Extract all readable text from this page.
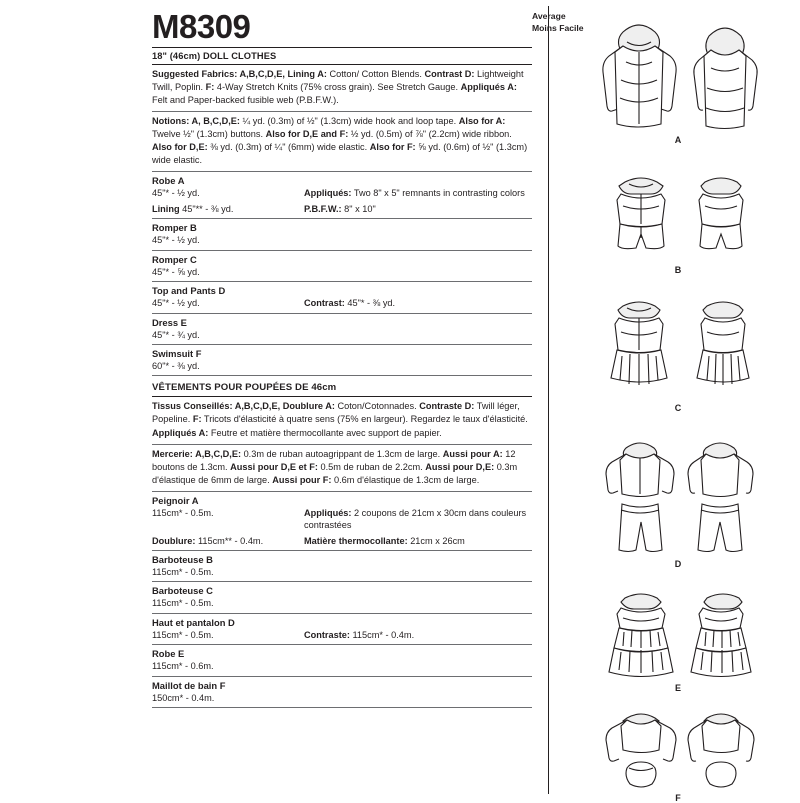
Average
Moins Facile
M8309
18" (46cm) DOLL CLOTHES
Suggested Fabrics: A,B,C,D,E, Lining A: Cotton/ Cotton Blends. Contrast D: Lightweight Twill, Poplin. F: 4-Way Stretch Knits (75% cross grain). See Stretch Gauge. Appliqués A: Felt and Paper-backed fusible web (P.B.F.W.).
Notions: A, B,C,D,E: ¼ yd. (0.3m) of ½" (1.3cm) wide hook and loop tape. Also for A: Twelve ½" (1.3cm) buttons. Also for D,E and F: ½ yd. (0.5m) of ⅞" (2.2cm) wide ribbon. Also for D,E: ⅜ yd. (0.3m) of ¼" (6mm) wide elastic. Also for F: ⅝ yd. (0.6m) of ½" (1.3cm) wide elastic.
Robe A
45"* - ½ yd.	Appliqués: Two 8" x 5" remnants in contrasting colors
Lining 45"** - ⅜ yd.	P.B.F.W.: 8" x 10"
Romper B
45"* - ½ yd.
Romper C
45"* - ⅝ yd.
Top and Pants D
45"* - ½ yd.	Contrast: 45"* - ⅜ yd.
Dress E
45"* - ¾ yd.
Swimsuit F
60"* - ⅜ yd.
VÊTEMENTS POUR POUPÉES DE 46cm
Tissus Conseillés: A,B,C,D,E, Doublure A: Coton/Cotonnades. Contraste D: Twill léger, Popeline. F: Tricots d'élasticité à quatre sens (75% en largeur). Regardez le taux d'élasticité. Appliqués A: Feutre et matière thermocollante avec support de papier.
Mercerie: A,B,C,D,E: 0.3m de ruban autoagrippant de 1.3cm de large. Aussi pour A: 12 boutons de 1.3cm. Aussi pour D,E et F: 0.5m de ruban de 2.2cm. Aussi pour D,E: 0.3m d'élastique de 6mm de large. Aussi pour F: 0.6m d'élastique de 1.3cm de large.
Peignoir A
115cm* - 0.5m.	Appliqués: 2 coupons de 21cm x 30cm dans couleurs contrastées
Doublure: 115cm** - 0.4m.	Matière thermocollante: 21cm x 26cm
Barboteuse B
115cm* - 0.5m.
Barboteuse C
115cm* - 0.5m.
Haut et pantalon D
115cm* - 0.5m.	Contraste: 115cm* - 0.4m.
Robe E
115cm* - 0.6m.
Maillot de bain F
150cm* - 0.4m.
A
B
C
D
E
F
